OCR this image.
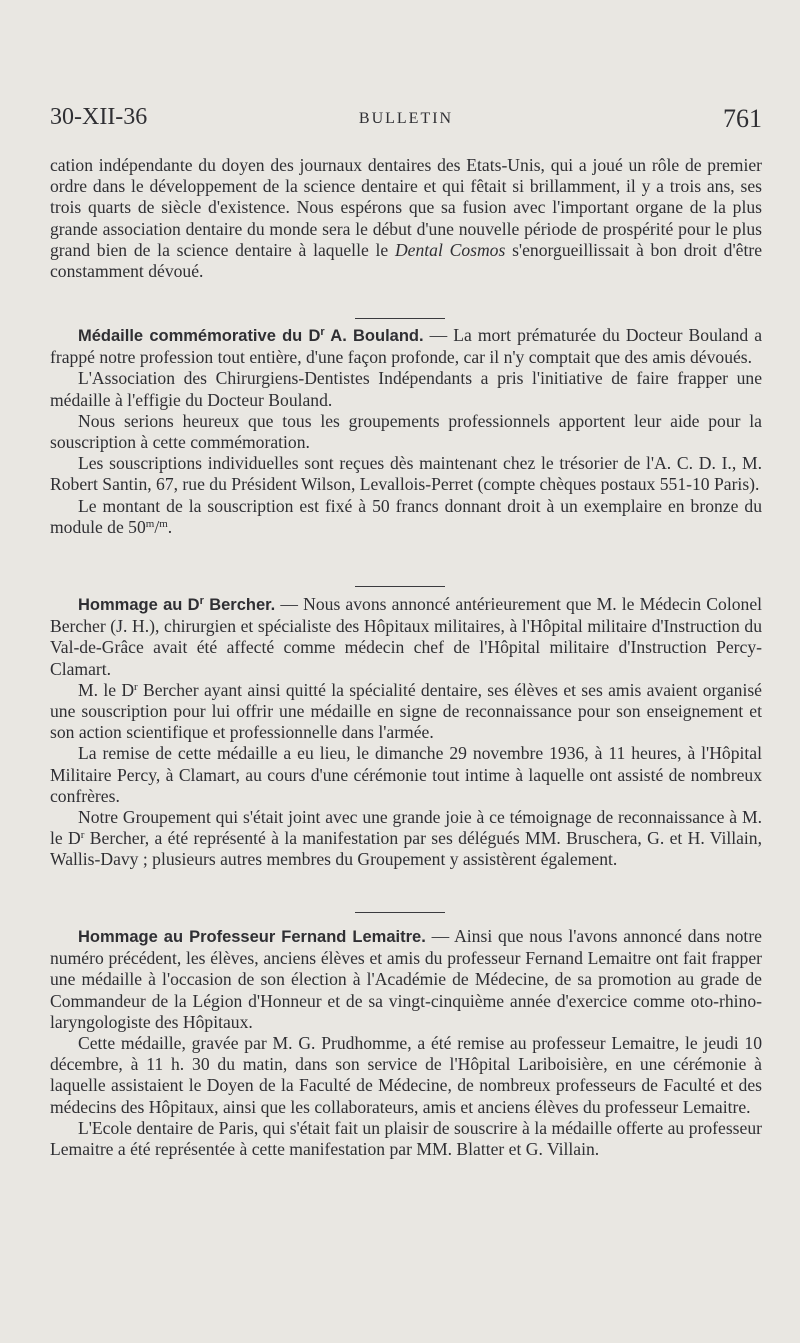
30-XII-36	BULLETIN	761

cation indépendante du doyen des journaux dentaires des Etats-Unis, qui a joué un rôle de premier ordre dans le développement de la science dentaire et qui fêtait si brillamment, il y a trois ans, ses trois quarts de siècle d'existence. Nous espérons que sa fusion avec l'important organe de la plus grande association dentaire du monde sera le début d'une nouvelle période de prospérité pour le plus grand bien de la science dentaire à laquelle le Dental Cosmos s'enorgueillissait à bon droit d'être constamment dévoué.

Médaille commémorative du $D^r$ A. Bouland. — La mort prématurée du Docteur Bouland a frappé notre profession tout entière, d'une façon profonde, car il n'y comptait que des amis dévoués.

L'Association des Chirurgiens-Dentistes Indépendants a pris l'initiative de faire frapper une médaille à l'effigie du Docteur Bouland.

Nous serions heureux que tous les groupements professionnels apportent leur aide pour la souscription à cette commémoration.

Les souscriptions individuelles sont reçues dès maintenant chez le trésorier de l'A. C. D. I., M. Robert Santin, 67, rue du Président Wilson, Levallois-Perret (compte chèques postaux 551-10 Paris).

Le montant de la souscription est fixé à 50 francs donnant droit à un exemplaire en bronze du module de 50$^m$/$^m$.

Hommage au $D^r$ Bercher. — Nous avons annoncé antérieurement que M. le Médecin Colonel Bercher (J. H.), chirurgien et spécialiste des Hôpitaux militaires, à l'Hôpital militaire d'Instruction du Val-de-Grâce avait été affecté comme médecin chef de l'Hôpital militaire d'Instruction Percy-Clamart.

M. le $D^r$ Bercher ayant ainsi quitté la spécialité dentaire, ses élèves et ses amis avaient organisé une souscription pour lui offrir une médaille en signe de reconnaissance pour son enseignement et son action scientifique et professionnelle dans l'armée.

La remise de cette médaille a eu lieu, le dimanche 29 novembre 1936, à 11 heures, à l'Hôpital Militaire Percy, à Clamart, au cours d'une cérémonie tout intime à laquelle ont assisté de nombreux confrères.

Notre Groupement qui s'était joint avec une grande joie à ce témoignage de reconnaissance à M. le $D^r$ Bercher, a été représenté à la manifestation par ses délégués MM. Bruschera, G. et H. Villain, Wallis-Davy ; plusieurs autres membres du Groupement y assistèrent également.

Hommage au Professeur Fernand Lemaitre. — Ainsi que nous l'avons annoncé dans notre numéro précédent, les élèves, anciens élèves et amis du professeur Fernand Lemaitre ont fait frapper une médaille à l'occasion de son élection à l'Académie de Médecine, de sa promotion au grade de Commandeur de la Légion d'Honneur et de sa vingt-cinquième année d'exercice comme oto-rhino-laryngologiste des Hôpitaux.

Cette médaille, gravée par M. G. Prudhomme, a été remise au professeur Lemaitre, le jeudi 10 décembre, à 11 h. 30 du matin, dans son service de l'Hôpital Lariboisière, en une cérémonie à laquelle assistaient le Doyen de la Faculté de Médecine, de nombreux professeurs de Faculté et des médecins des Hôpitaux, ainsi que les collaborateurs, amis et anciens élèves du professeur Lemaitre.

L'Ecole dentaire de Paris, qui s'était fait un plaisir de souscrire à la médaille offerte au professeur Lemaitre a été représentée à cette manifestation par MM. Blatter et G. Villain.
